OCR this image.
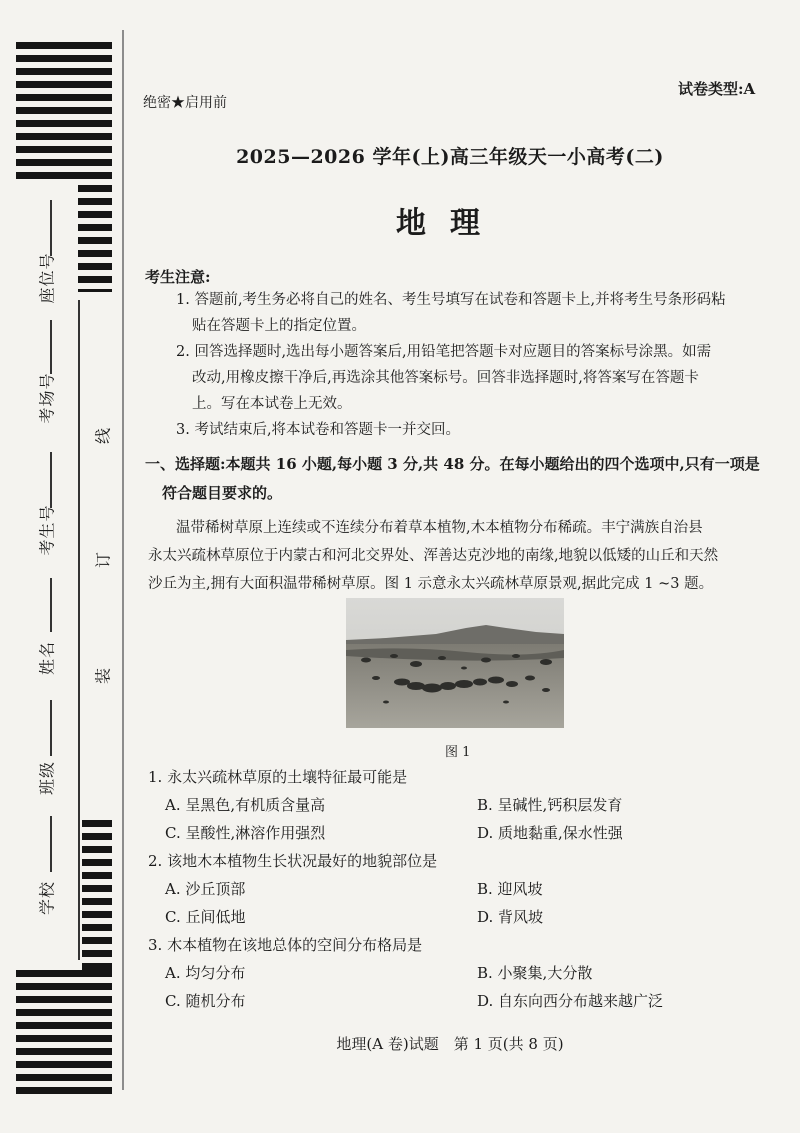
座位号
考场号
考生号
姓名
班级
学校
线
订
装
绝密★启用前
试卷类型:A
2025—2026 学年(上)高三年级天一小高考(二)
地理
考生注意:
1. 答题前,考生务必将自己的姓名、考生号填写在试卷和答题卡上,并将考生号条形码粘
贴在答题卡上的指定位置。
2. 回答选择题时,选出每小题答案后,用铅笔把答题卡对应题目的答案标号涂黑。如需
改动,用橡皮擦干净后,再选涂其他答案标号。回答非选择题时,将答案写在答题卡
上。写在本试卷上无效。
3. 考试结束后,将本试卷和答题卡一并交回。
一、选择题:本题共 16 小题,每小题 3 分,共 48 分。在每小题给出的四个选项中,只有一项是
符合题目要求的。
温带稀树草原上连续或不连续分布着草本植物,木本植物分布稀疏。丰宁满族自治县
永太兴疏林草原位于内蒙古和河北交界处、浑善达克沙地的南缘,地貌以低矮的山丘和天然
沙丘为主,拥有大面积温带稀树草原。图 1 示意永太兴疏林草原景观,据此完成 1 ~3 题。
图 1
1. 永太兴疏林草原的土壤特征最可能是
A. 呈黑色,有机质含量高	B. 呈碱性,钙积层发育
C. 呈酸性,淋溶作用强烈	D. 质地黏重,保水性强
2. 该地木本植物生长状况最好的地貌部位是
A. 沙丘顶部	B. 迎风坡
C. 丘间低地	D. 背风坡
3. 木本植物在该地总体的空间分布格局是
A. 均匀分布	B. 小聚集,大分散
C. 随机分布	D. 自东向西分布越来越广泛
地理(A 卷)试题　第 1 页(共 8 页)
